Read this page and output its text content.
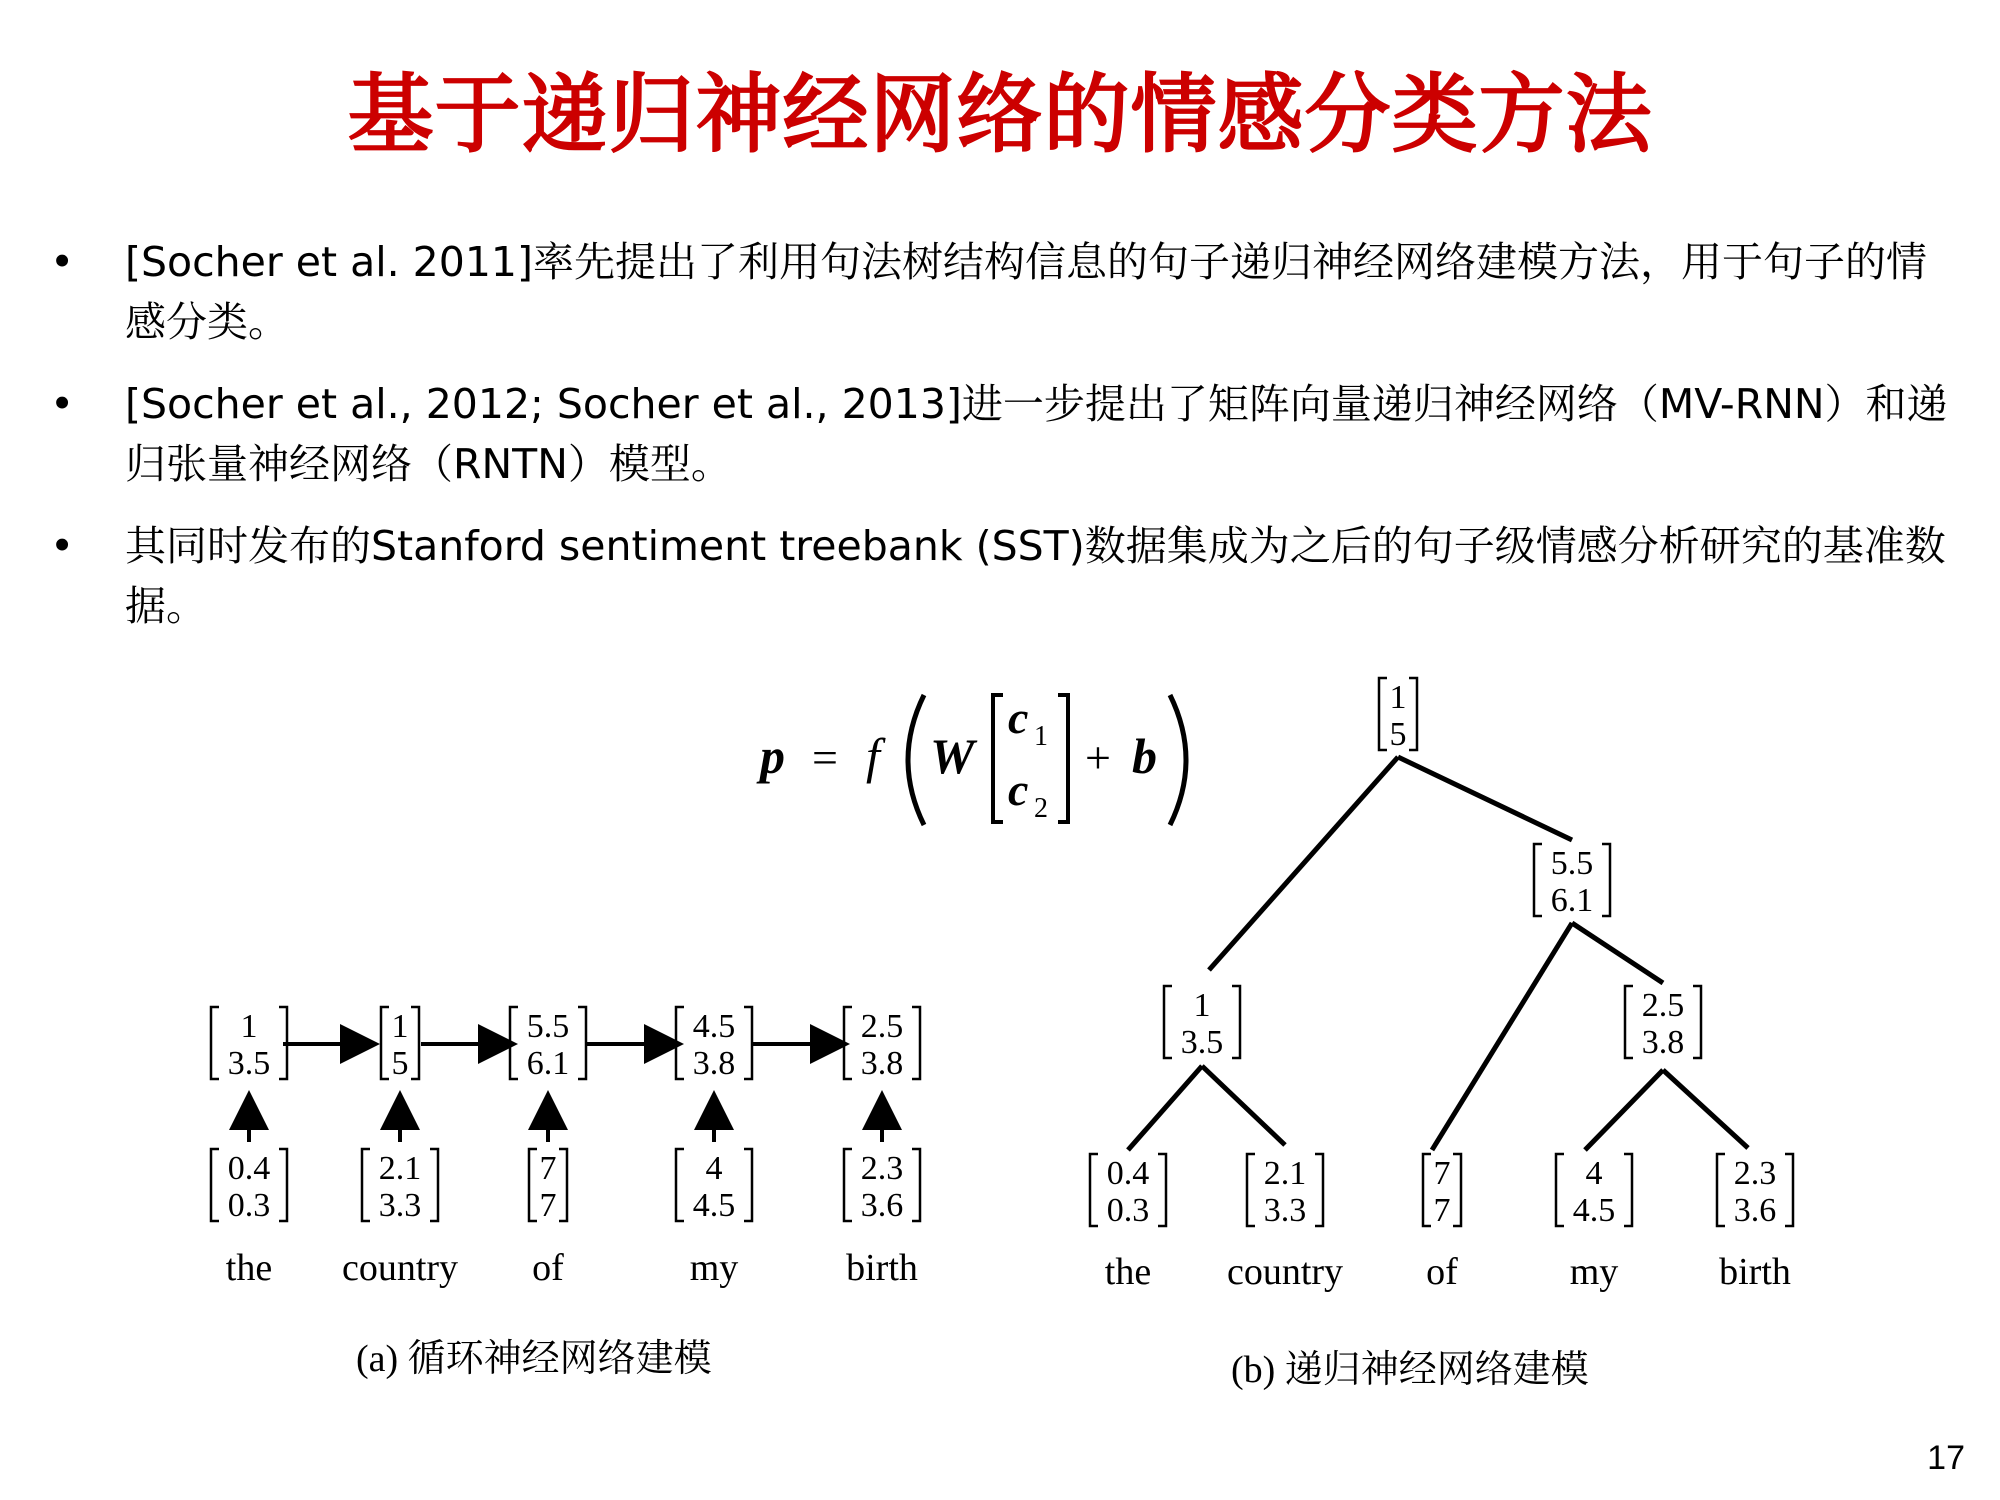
基于递归神经网络的情感分类方法
• [Socher et al. 2011]率先提出了利用句法树结构信息的句子递归神经网络建模方法，用于句子的情感分类。
• [Socher et al., 2012; Socher et al., 2013]进一步提出了矩阵向量递归神经网络（MV-RNN）和递归张量神经网络（RNTN）模型。
• 其同时发布的Stanford sentiment treebank (SST)数据集成为之后的句子级情感分析研究的基准数据。
p = f W
c 1
c 2
+ b
1
3.5
1
5
5.5
6.1
4.5
3.8
2.5
3.8
0.4
0.3
2.1
3.3
7
7
4
4.5
2.3
3.6
0.4
0.3
2.1
3.3
7
7
4
4.5
2.3
3.6
1
5
5.5
6.1
1
3.5
2.5
3.8
the country of	my	birth	the country of	my	birth
(a) 循环神经网络建模	(b) 递归神经网络建模
17
